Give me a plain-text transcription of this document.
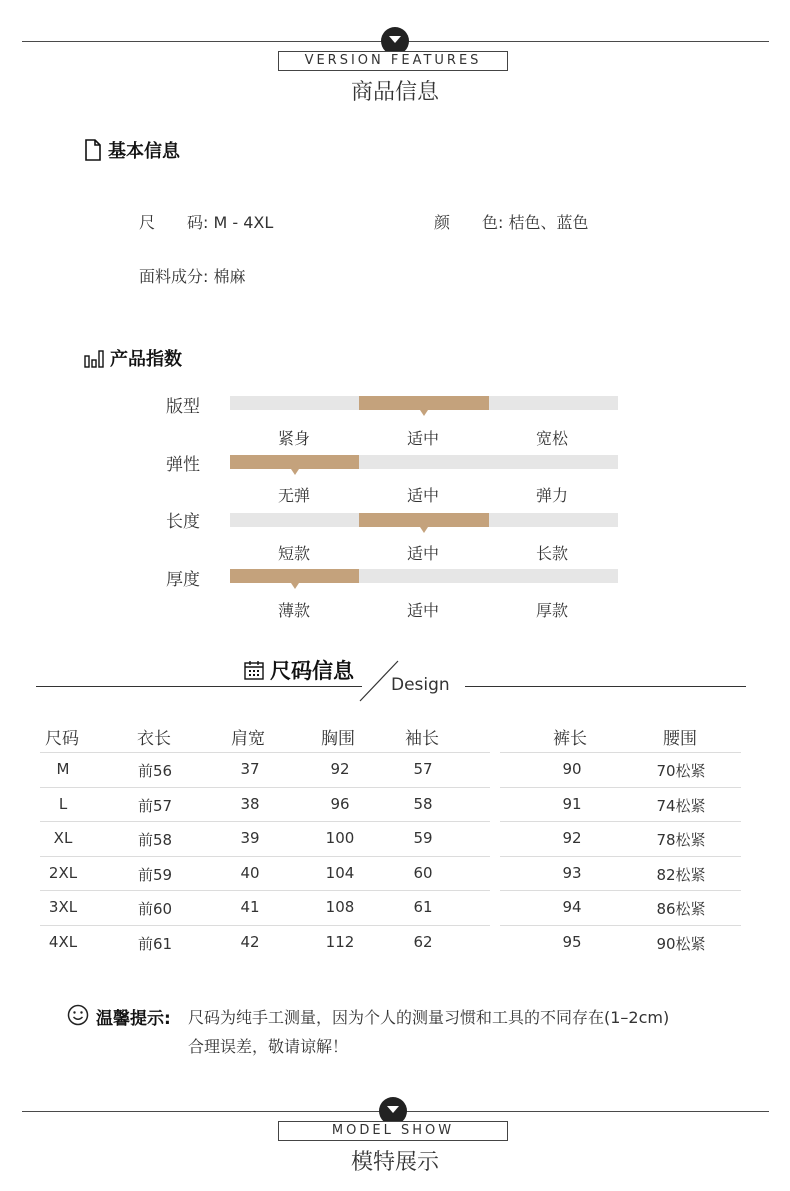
VERSION FEATURES
商品信息
基本信息
尺　　码: M - 4XL	颜　　色: 桔色、蓝色
面料成分: 棉麻
产品指数
版型
紧身	适中	宽松
弹性
无弹	适中	弹力
长度
短款	适中	长款
厚度
薄款	适中	厚款
尺码信息
Design
尺码	衣长	肩宽	胸围	袖长	裤长	腰围
M	前56	37	92	57	90	70松紧
L	前57	38	96	58	91	74松紧
XL	前58	39	100	59	92	78松紧
2XL	前59	40	104	60	93	82松紧
3XL	前60	41	108	61	94	86松紧
4XL	前61	42	112	62	95	90松紧
温馨提示: 尺码为纯手工测量，因为个人的测量习惯和工具的不同存在(1–2cm)
合理误差，敬请谅解！
MODEL SHOW
模特展示
